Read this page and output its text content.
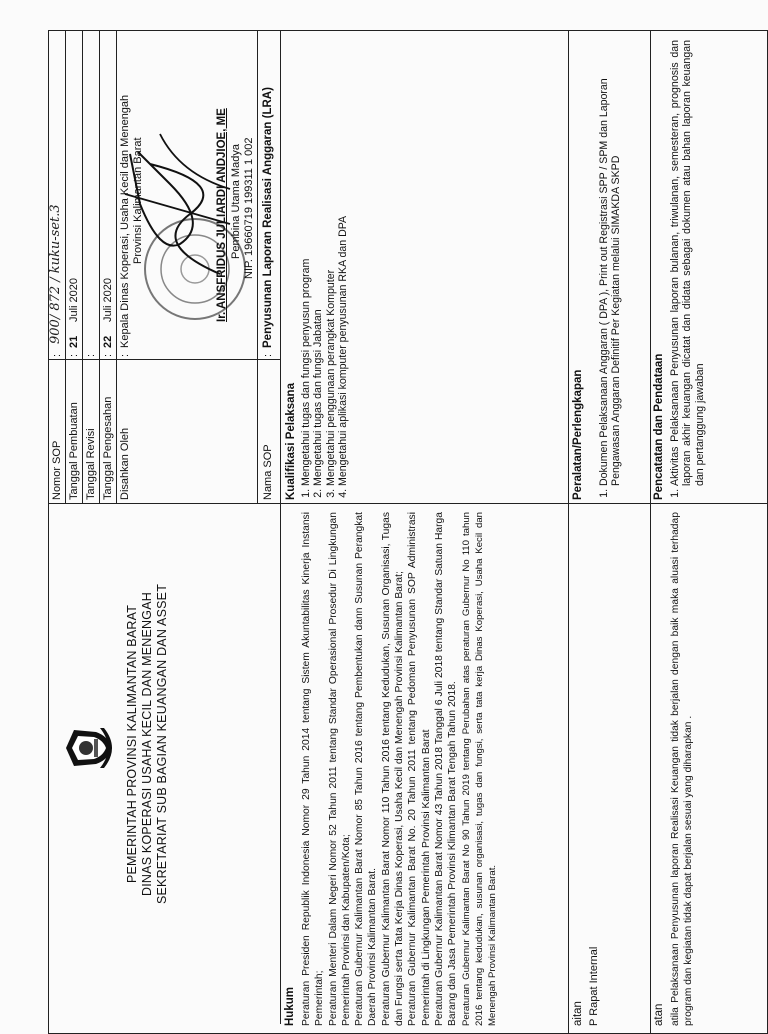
PEMERINTAH PROVINSI KALIMANTAN BARAT DINAS KOPERASI USAHA KECIL DAN MENENGAH SEKRETARIAT SUB BAGIAN KEUANGAN DAN ASSET
Nomor SOP
:
900/ 872 / kuku-set.3
Tanggal Pembuatan
:
21
Juli 2020
Tanggal Revisi
:
Tanggal Pengesahan
:
22
Juli 2020
Disahkan Oleh
:
Kepala Dinas Koperasi, Usaha Kecil dan Menengah Provinsi Kalimantan Barat	Ir. ANSFRIDUS JULIARDI ANDJIOE, ME Pembina Utama Madya NIP. 19660719 199311 1 002
Nama SOP
:
Penyusunan Laporan Realisasi Anggaran (LRA)
Hukum Peraturan Presiden Republik Indonesia Nomor 29 Tahun 2014 tentang Sistem Akuntabilitas Kinerja Instansi Pemerintah; Peraturan Menteri Dalam Negeri Nomor 52 Tahun 2011 tentang Standar Operasional Prosedur Di Lingkungan Pemerintah Provinsi dan Kabupaten/Kota; Peraturan Gubernur Kalimantan Barat Nomor 85 Tahun 2016 tentang Pembentukan dann Susunan Perangkat Daerah Provinsi Kalimantan Barat. Peraturan Gubernur Kalimantan Barat Nomor 110 Tahun 2016 tentang Kedudukan, Susunan Organisasi, Tugas dan Fungsi serta Tata Kerja Dinas Koperasi, Usaha Kecil dan Menengah Provinsi Kalimantan Barat; Peraturan Gubernur Kalimantan Barat No. 20 Tahun 2011 tentang Pedoman Penyusunan SOP Administrasi Pemerintah di Lingkungan Pemerintah Provinsi Kalimantan Barat Peraturan Gubernur Kalimantan Barat Nomor 43 Tahun 2018 Tanggal 6 Juli 2018 tentang Standar Satuan Harga Barang dan Jasa Pemerintah Provinsi Klimantan Barat Tengah Tahun 2018. Peraturan Gubernur Kalimantan Barat No 90 Tahun 2019 tentang Perubahan atas peraturan Gubernur No 110 tahun 2016 tentang kedudukan, susunan organisasi, tugas dan fungsi, serta tata kerja Dinas Koperasi, Usaha Kecil dan Menengah Provinsi Kalimantan Barat.

Kualifikasi Pelaksana 1. Mengetahui tugas dan fungsi penyusun program 2. Mengetahui tugas dan fungsi Jabatan 3. Mengetahui penggunaan perangkat Komputer 4. Mengetahui aplikasi komputer penyusunan RKA dan DPA
aitan P Rapat Internal
Peralatan/Perlengkapan 1. Dokumen Pelaksanaan Anggaran ( DPA ), Print out Registrasi SPP / SPM dan Laporan Pengawasan Anggaran Definitif Per Kegiatan melalui SIMAKDA SKPD
atan atila Pelaksanaan Penyusunan laporan Realisasi Keuangan tidak berjalan dengan baik maka aluasi terhadap program dan kegiatan tidak dapat berjalan sesuai yang diharapkan .
Pencatatan dan Pendataan 1. Aktivitas Pelaksanaan Penyusunan laporan bulanan, triwulanan, semesteran, prognosis dan laporan akhir keuangan dicatat dan didata sebagai dokumen atau bahan laporan keuangan dan pertanggung jawaban
